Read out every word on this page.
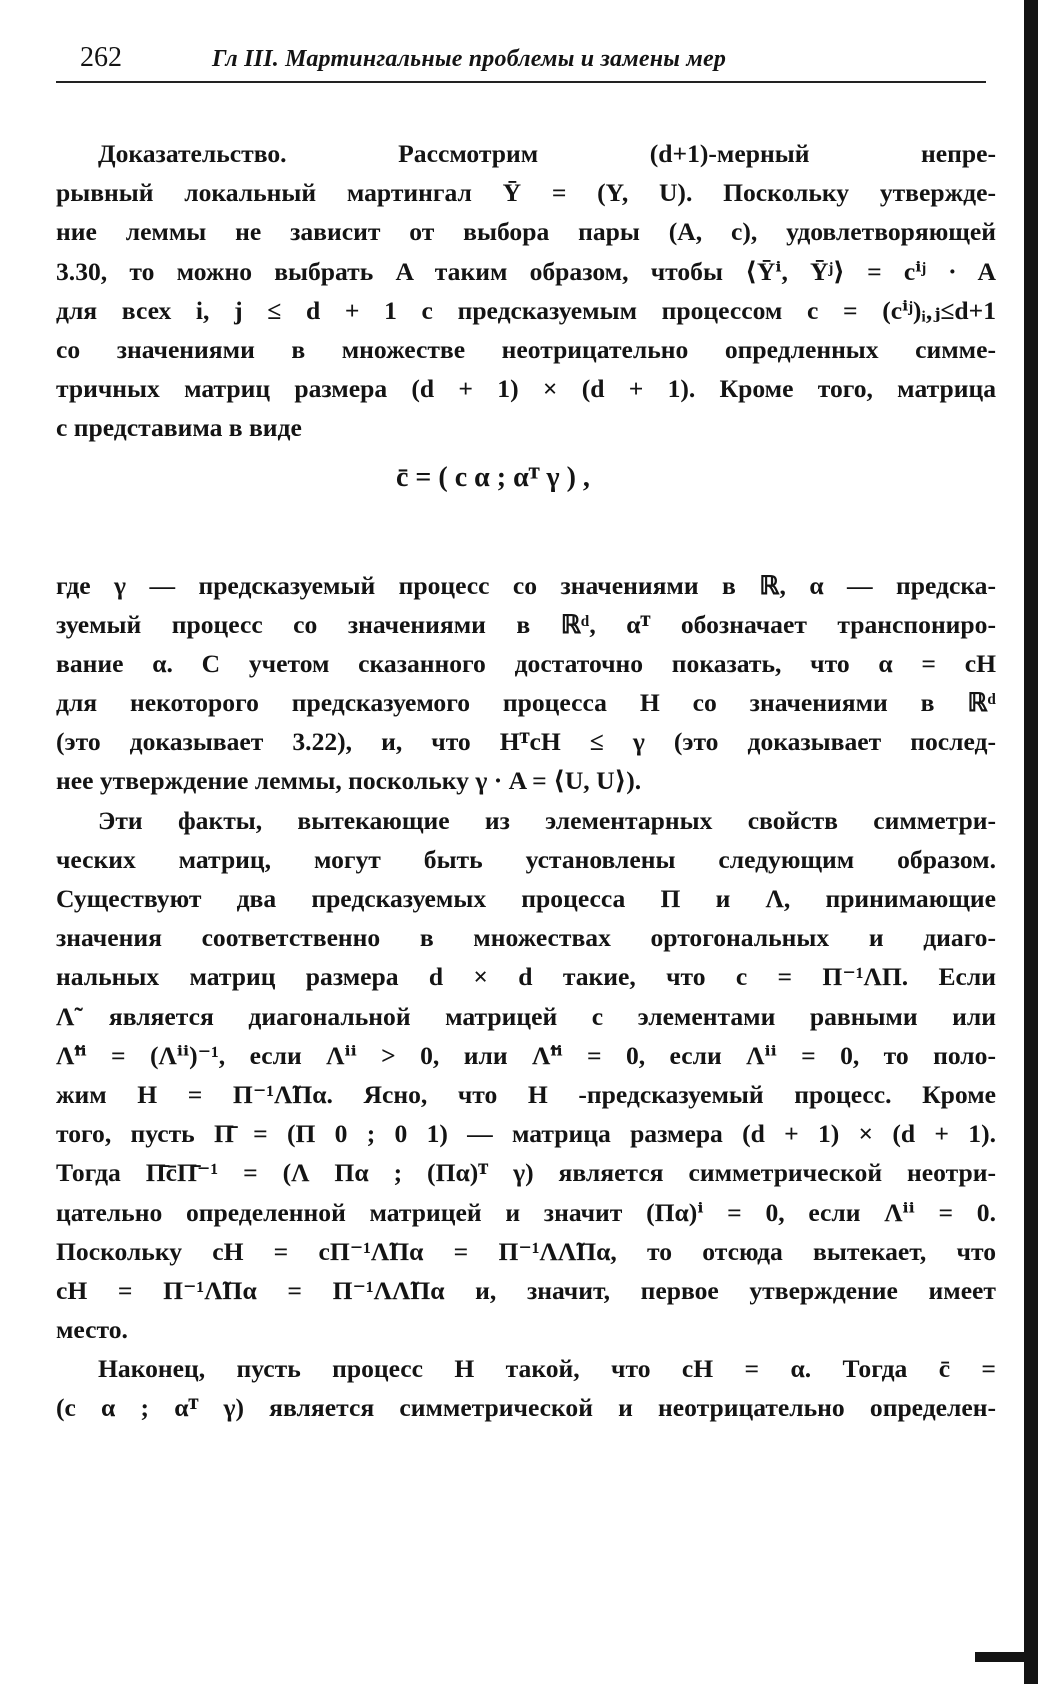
262	Гл III. Мартингальные проблемы и замены мер
Доказательство. Рассмотрим (d+1)-мерный непре-
рывный локальный мартингал Ȳ = (Y, U). Поскольку утвержде-
ние леммы не зависит от выбора пары (A, c), удовлетворяющей
3.30, то можно выбрать A таким образом, чтобы ⟨Ȳⁱ, Ȳʲ⟩ = cⁱʲ · A
для всех i, j ≤ d + 1 с предсказуемым процессом c = (cⁱʲ)ᵢ,ⱼ≤d+1
со значениями в множестве неотрицательно опредленных симме-
тричных матриц размера (d + 1) × (d + 1). Кроме того, матрица
c представима в виде
c̄ = ( c α ; αᵀ γ ) ,
где γ — предсказуемый процесс со значениями в ℝ, α — предска-
зуемый процесс со значениями в ℝᵈ, αᵀ обозначает транспониро-
вание α. С учетом сказанного достаточно показать, что α = cH
для некоторого предсказуемого процесса H со значениями в ℝᵈ
(это доказывает 3.22), и, что HᵀcH ≤ γ (это доказывает послед-
нее утверждение леммы, поскольку γ · A = ⟨U, U⟩).
Эти факты, вытекающие из элементарных свойств симметри-
ческих матриц, могут быть установлены следующим образом.
Существуют два предсказуемых процесса Π и Λ, принимающие
значения соответственно в множествах ортогональных и диаго-
нальных матриц размера d × d такие, что c = Π⁻¹ΛΠ. Если
Λ̃ является диагональной матрицей с элементами равными или
Λ̃ⁱⁱ = (Λⁱⁱ)⁻¹, если Λⁱⁱ > 0, или Λ̃ⁱⁱ = 0, если Λⁱⁱ = 0, то поло-
жим H = Π⁻¹Λ̃Πα. Ясно, что H -предсказуемый процесс. Кроме
того, пусть Π̄ = (Π 0 ; 0 1) — матрица размера (d + 1) × (d + 1).
Тогда Π̄c̄Π̄⁻¹ = (Λ Πα ; (Πα)ᵀ γ) является симметрической неотри-
цательно определенной матрицей и значит (Πα)ⁱ = 0, если Λⁱⁱ = 0.
Поскольку cH = cΠ⁻¹Λ̃Πα = Π⁻¹ΛΛ̃Πα, то отсюда вытекает, что
cH = Π⁻¹Λ̃Πα = Π⁻¹ΛΛ̃Πα и, значит, первое утверждение имеет
место.
Наконец, пусть процесс H такой, что cH = α. Тогда c̄ =
(c α ; αᵀ γ) является симметрической и неотрицательно определен-
